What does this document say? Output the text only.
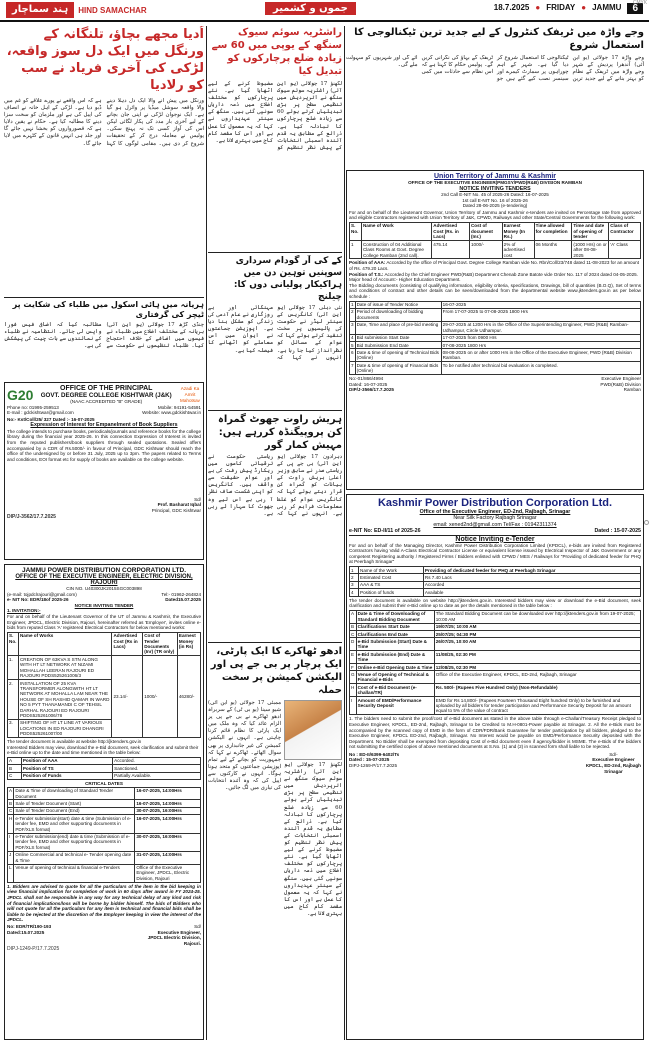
ہند سماچار	HIND SAMACHAR	جموں و کشمیر	18.7.2025 ● FRIDAY ● JAMMU	6
CMYK
اُدیا مجھے بچاؤ، تلنگانہ کے ورنگل میں ایک دل سوز واقعہ، لڑکی کی آخری فریاد نے سب کو رلادیا
ورنگل میں پیش آنے والا ایک دل دہلا دینے والا واقعہ سوشل میڈیا پر وائرل ہو گیا ہے۔ ایک نوجوان لڑکی نے اپنی جان بچانے کے لیے آخری بار مدد کی پکار لگائی لیکن اس کی آواز کسی تک نہ پہنچ سکی۔ پولیس نے معاملہ درج کر کے تحقیقات شروع کر دی ہیں۔ مقامی لوگوں کا کہنا ہے کہ اس واقعے نے پورے علاقے کو غم میں ڈبو دیا ہے۔ لڑکی کے اہل خانہ نے انصاف کی اپیل کی ہے اور ملزمان کو سخت سزا دینے کا مطالبہ کیا ہے۔ حکام نے یقین دلایا ہے کہ قصورواروں کو بخشا نہیں جائے گا اور جلد ہی انہیں قانون کے کٹہرے میں لایا جائے گا۔
ہریانہ میں ہائی اسکول میں طلباء کی شکایت پر ٹیچر کی گرفتاری
چنڈی گڑھ 17 جولائی (یو این آئی) ہریانہ کے مختلف اضلاع میں طلباء نے فیسوں میں اضافے کے خلاف احتجاج کیا۔ طلباء تنظیموں نے حکومت سے مطالبہ کیا کہ اضافی فیس فوراً واپس لی جائے۔ انتظامیہ نے طلباء کے نمائندوں سے بات چیت کی پیشکش کی ہے۔
راشٹریہ سوئم سیوک سنگھ کے یوپی میں 60 سے زیادہ ضلع پرچارکوں کو تبدیل کیا
لکھنؤ 17 جولائی (یو این آئی) راشٹریہ سوئم سیوک سنگھ نے اترپردیش میں تنظیمی سطح پر بڑی تبدیلیاں کرتے ہوئے 60 سے زیادہ ضلع پرچارکوں کا تبادلہ کیا ہے۔ ذرائع کے مطابق یہ قدم آئندہ اسمبلی انتخابات کے پیش نظر تنظیم کو مضبوط کرنے کے لیے اٹھایا گیا ہے۔ نئے پرچارکوں کو مختلف اضلاع میں ذمہ داریاں سونپی گئی ہیں۔ سنگھ کے سینئر عہدیداروں نے کہا کہ یہ معمول کا عمل ہے اور اس کا مقصد کام کاج میں بہتری لانا ہے۔
وجے واڑہ میں ٹریفک کنٹرول کے لیے جدید ترین ٹیکنالوجی کا استعمال شروع
وجے واڑہ 17 جولائی (یو این آئی) آندھرا پردیش کے شہر وجے واڑہ میں ٹریفک کے نظام کو بہتر بنانے کے لیے جدید ترین ٹیکنالوجی کا استعمال شروع کر دیا گیا ہے۔ شہر کے اہم چوراہوں پر سمارٹ کیمرے اور سینسر نصب کیے گئے ہیں جو ٹریفک کے بہاؤ کی نگرانی کریں گے۔ پولیس حکام کا کہنا ہے کہ اس نظام سے حادثات میں کمی آئے گی اور شہریوں کو سہولت ملے گی۔
کے کی آر گودام سرداری سوپنیں توہین دن میں ہراکیکار پولیانی دوں کا: چیلنج
نئی دہلی 17 جولائی (یو این آئی) کانگریس کے سینئر لیڈر نے حکومت کی پالیسیوں پر سخت تنقید کرتے ہوئے کہا کہ عوام کے مسائل کو نظرانداز کیا جا رہا ہے۔ انہوں نے کہا کہ مہنگائی اور بے روزگاری نے عام آدمی کی زندگی کو مشکل بنا دیا ہے۔ اپوزیشن جماعتوں نے ایوان میں اس معاملے کو اٹھانے کا فیصلہ کیا ہے۔
Union Territory of Jammu & Kashmir
OFFICE OF THE EXECUTIVE ENGINEER(PMGSY/PWD(R&B) DIVISION RAMBAN
NOTICE INVITING TENDERS
2nd Call E-NIT No. 45 of 2025-26 Dated: 16-07-2025
1st call E-NIT No. 16 of 2025-26
Dated 28-06-2025 (e-tendering)
For and on behalf of the Lieutenant Governor, Union Territory of Jammu and Kashmir e-tenders are invited on Percentage rate from approved and eligible Contractors registered with Union Territory of J&K, CPWD, Railways and other State/Central Governments for the following work:
S. No.	Name of Work	Advertised Cost (Rs. in Lacs)	Cost of document (Inr.)	Earnest Money (In Rs.)	Time allowed for completion	Time and date of opening of tender	Class of Contractor
1	Construction of 04 Additional Class Rooms at Govt. Degree College Ramban (2nd call).	475.14	1000/-	2% of advertised cost	06 Months	(1000 Hrs) on or after 08-08-2025	'A' Class
Position of AAA: Accorded by the office of Principal Govt. Degree College Ramban vide No. Rbn/Coll/23/748 dated 11-08-2023 for an amount of Rs. 479.20 Lacs.
Position of T.S.: Accorded by the Chief Engineer PWD(R&B) Department Chenab Zone Batote vide Order No. 117 of 2024 dated 04-05-2025.
Major head of Account:- Higher Education Department.
The Bidding documents (consisting of qualifying information, eligibility criteria, specifications, Drawings, bill of quantities (B.O.Q), Set of terms and conditions of contract and other details can be seen/downloaded from the departmental website www.jktenders.gov.in as per below schedule :
1	Date of issue of Tender Notice	16-07-2025
2	Period of downloading of bidding documents	From 17-07-2025 to 07-08-2025 1800 Hrs
3	Date, Time and place of pre-bid meeting	29-07-2025 at 1200 Hrs in the Office of the Superintending Engineer, PWD (R&B) Ramban-Udhampur, Circle Udhampur.
4	Bid submission Start Date	17-07-2025 from 0900 Hrs
5	Bid Submission End Date	07-08-2025 1800 Hrs
6	Date & time of opening of Technical Bids (Online)	08-08-2025 on or after 1000 Hrs in the Office of the Executive Engineer, PWD (R&B) Division Ramban.
7	Date & time of opening of Financial Bids (Online)	To be notified after technical bid evaluation is completed.
No:-01/866/4994
Dated: 16-07-2025
DIP/J-3566/17.7.2025
Executive Engineer
PWD(R&B) Division
Ramban
G20	OFFICE OF THE PRINCIPAL
GOVT. DEGREE COLLEGE KISHTWAR (J&K)
(NAAC ACCREDITED "B" GRADE)
Azadi Ka Amrit Mahotsav
Phone no: 01995-259513	Mobile: 94191-54591
E-mail : gdckishtwar@gmail.com	Website: www.gdckishtwar.in
No:- Kst/Coll/25/ 327 Dated :- 16-07-2025
Expression of Interest for Empanelment of Book Suppliers
The college intends to purchase books, periodicals/journals and reference books for the college library during the financial year 2025-26. In this connection Expression of Interest is invited from the reputed publishers/book suppliers through sealed quotations. Sealed offers accompanied by a CDR of Rs.5000/- in favour of Principal, GDC Kishtwar should reach the office of the undersigned by or before 31 July, 2025 up to 3pm. The papers related to Terms and conditions, EOI format etc for supply of books are available on the college website.
Sd/
Prof. Basharat Iqbal
Principal, GDC Kishtwar
DIP/J-3562/17.7.2025
ہریش راوت جھوٹ گمراہ کن پروپیگنڈہ کررہے ہیں: مہیش کمار گور
دہرادون 17 جولائی (یو این آئی) بی جے پی کے ریاستی صدر نے سابق وزیر اعلیٰ ہریش راوت کے بیانات کو گمراہ کن قرار دیتے ہوئے کہا کہ کانگریس عوام کو غلط معلومات فراہم کر رہی ہے۔ انہوں نے کہا کہ ریاستی حکومت نے ترقیاتی کاموں میں ریکارڈ پیش رفت کی ہے اور عوام حقیقت سے واقف ہیں۔ کانگریس کو اپنی شکست صاف نظر آ رہی ہے اس لیے وہ جھوٹ کا سہارا لے رہی ہے۔
JAMMU POWER DISTRIBUTION CORPORATION LTD.
OFFICE OF THE EXECUTIVE ENGINEER, ELECTRIC DIVISION, RAJOURI
CIN NO. U40300JK2015SGC003898
(e-mail: tojpdclrajouri@gmail.com)	Tel:- 01962-264824
e- NIT No: EDR/18of 2025-26	Dated15.07.2025
NOTICE INVITING TENDER
1. INVITATION:-
For and on behalf of the Lieutenant Governor of the UT of Jammu & Kashmir, the Executive Engineer, JPDCL, Electric Division, Rajouri, hereinafter referred as 'Employer', invites online e-bids from reputed Class 'A' registered Electrical Contractors for below mentioned works:
S. No.	Name of Works	Advertised Cost (Rs in Lacs)	Cost of Tender Documents (Inr) (TR only)	Earnest Money (in Rs)
1.	CREATION OF 63KVA S STN ALONG WITH HT LT NETWORK AT NIZAMI MOHALLAH LEERAN RAJOURI ED RAJOURI PDDS525261006/3	23.14/-	1000/-	46280/-
2.	INSTALLATION OF 25 KVA TRANSFORMER ALONGWITH HT LT NETWORK AT MOHALLA LAM NEAR THE HOUSE OF SH RASHID QAMAR IN WARD NO 5 PYT THANAMANDI C OF TEHSIL DARHAL RAJOURI ED RAJOURI PDDS525261006/78			
3.	SHIFTING OF HT LT LINE AT VARIOUS LOCATIONS IN ED RAJOURI DHANGRI PDDS525261007/00			
The tender document is available at website http://jktenders.gov.in
Interested Bidders may view, download the e-Bid document, seek clarification and submit their e-Bid online up to the date and time mentioned in the table below:
A	Position of AAA	Accorded.
B	Position of TS	Sanctioned.
C	Position of Funds	Partially Available.
CRITICAL DATES
A	Date & Time of downloading of Standard Tender Document	16-07-2025, 14:00Hrs
B	Sale of Tender Document (Start)	16-07-2025, 14:00Hrs
C	Sale of Tender Document (End)	30-07-2025, 16:00Hrs
H	e-Tender submission(start) date & time (Submission of e-tender fee, EMD and other supporting documents in PDF/XLS format)	16-07-2025, 14:00Hrs
I	e-Tender submission(end) date & time (Submission of e-tender fee, EMD and other supporting documents in PDF/XLS format)	30-07-2025, 16:00Hrs
J	Online Commercial and technical e- Tender opening date & Time	31-07-2025, 14:00Hrs
L	Venue of opening of technical & financial e-Tenders	Office of the Executive Engineer, JPDCL, Electric Division, Rajouri
1. Bidders are advised to quote for all the particulars of the item in the bid keeping in view financial implication for completion of work in 60 days after award in FY 2024-25. JPDCL shall not be responsible in any way for any technical delay of any kind and risk of financial implications/loss will be borne by bidder himself. The bids of Bidders who will not quote for all the particulars for any item is technical and financial bids shall be liable to be rejected at the discretion of the Employer keeping in view the interest of the JPDCL.
No: EDR/TR/190-193
Dated:15.07.2025
Sd/
Executive Engineer,
JPDCL Electric Division,
Rajouri.
DIPJ-1249-P/17.7.2025
ادھو ٹھاکرے کا ایک پارٹی، ایک پرچار پر بی جے پی اور الیکشن کمیشن پر سخت حملہ
ممبئی 17 جولائی (یو این آئی) شیو سینا (یو بی ٹی) کے سربراہ ادھو ٹھاکرے نے بی جے پی پر الزام عائد کیا کہ وہ ملک میں ایک پارٹی کا نظام قائم کرنا چاہتی ہے۔ انہوں نے الیکشن کمیشن کی غیر جانبداری پر بھی سوال اٹھائے۔ ٹھاکرے نے کہا کہ جمہوریت کو بچانے کے لیے تمام اپوزیشن جماعتوں کو متحد ہونا ہوگا۔ انہوں نے کارکنوں سے اپیل کی کہ وہ آئندہ انتخابات کی تیاری میں لگ جائیں۔
لکھنؤ 17 جولائی (یو این آئی) راشٹریہ سوئم سیوک سنگھ نے اترپردیش میں تنظیمی سطح پر بڑی تبدیلیاں کرتے ہوئے 60 سے زیادہ ضلع پرچارکوں کا تبادلہ کیا ہے۔ ذرائع کے مطابق یہ قدم آئندہ اسمبلی انتخابات کے پیش نظر تنظیم کو مضبوط کرنے کے لیے اٹھایا گیا ہے۔ نئے پرچارکوں کو مختلف اضلاع میں ذمہ داریاں سونپی گئی ہیں۔ سنگھ کے سینئر عہدیداروں نے کہا کہ یہ معمول کا عمل ہے اور اس کا مقصد کام کاج میں بہتری لانا ہے۔
Kashmir Power Distribution Corporation Ltd.
Office of the Executive Engineer, ED-2nd, Rajbagh, Srinagar
Near Silk Factory Rajbagh Srinagar
email: xened2nd@gmail.com Tel/Fax : 01942311374
e-NIT No: ED-II/11 of 2025-26	Dated : 15-07-2025
Notice Inviting e-Tender
For and on behalf of the Managing Director, Kashmir Power Distribution Corporation Limited (KPDCL), e-bids are invited from Registered Contractors having Valid A-Class Electrical Contractor License or equivalent license issued by Electrical Inspector of J&K Government or any competent Registering authority / Registered Firms / Bidders enlisted with CPWD / MES / Railways for "Providing of dedicated feeder for PHQ at Peerbagh Srinagar"
1	Name of the Work	Providing of dedicated feeder for PHQ at Peerbagh Srinagar
2	Estimated Cost	Rs 7.40 Lacs
3	AAA & TS	Accorded
4	Position of funds	Available
The tender document is available on website http://jktenders.gov.in. Interested bidders may view or download the e-Bid document, seek clarification and submit their e-Bid online up to date as per the details mentioned in the table below :
A	Date & Time of Downloading of Standard Bidding Document	The Standard Bidding Document can be downloaded over http://jktenders.gov.in from 19-07-2025; 10:00 AM
B	Clarifications Start Date	19/07/25; 10:00 AM
C	Clarifications End Date	25/07/25; 04:30 PM
D	e-Bid Submission (Start) Date & Time	26/07/25, 10:00 AM
E	e-Bid Submission (End) Date & Time	11/08/25, 02:30 PM
F	Online e-Bid Opening Date & Time	12/08/25, 02:30 PM
G	Venue of Opening of Technical & Financial e-Bids	Office of the Executive Engineer, KPDCL, ED-2nd, Rajbagh, Srinagar
H	Cost of e-Bid Document (e-challan/TR)	Rs. 500/- (Rupees Five Hundred Only) (Non-Refundable)
I	Amount of EMD/Performance Security Deposit	EMD for Rs 14,800/- (Rupees Fourteen Thousand Eight hundred Only) to be furnished and uploaded by all bidders for tender participation and Performance Security Deposit for an amount equal to 5% of the value of contract
1. The bidders need to submit the proof/cost of e-Bid document as stated in the above table through e-Challan/Treasury Receipt pledged to Executive Engineer, KPDCL, ED-2nd, Rajbagh, Srinagar to be Credited to M.H-0801-Power payable at Srinagar. 2. All the e-Bids must be accompanied by the scanned copy of EMD in the form of CDR/FDR/Bank Guarantee for tender participation by all bidders, pledged to the Executive Engineer, KPDCL ED-2nd, Rajbagh, Srinagar. No Interest would be payable on EMD/Performance Security deposited with the Department. No Bidder shall be exempted from depositing Cost of e-Bid document even if agency/bidder is MSME. The e-Bids of the bidders not submitting the certified copies of above mentioned documents at S.No. (1) and (2) in scanned form shall liable to be rejected.
No : ED-II/6399-6402/Ts
Dated : 15-07-2025
DIPJ-1269-P/17.7.2025
Sd/-
Executive Engineer
KPDCL, ED-2nd, Rajbagh
Srinagar
